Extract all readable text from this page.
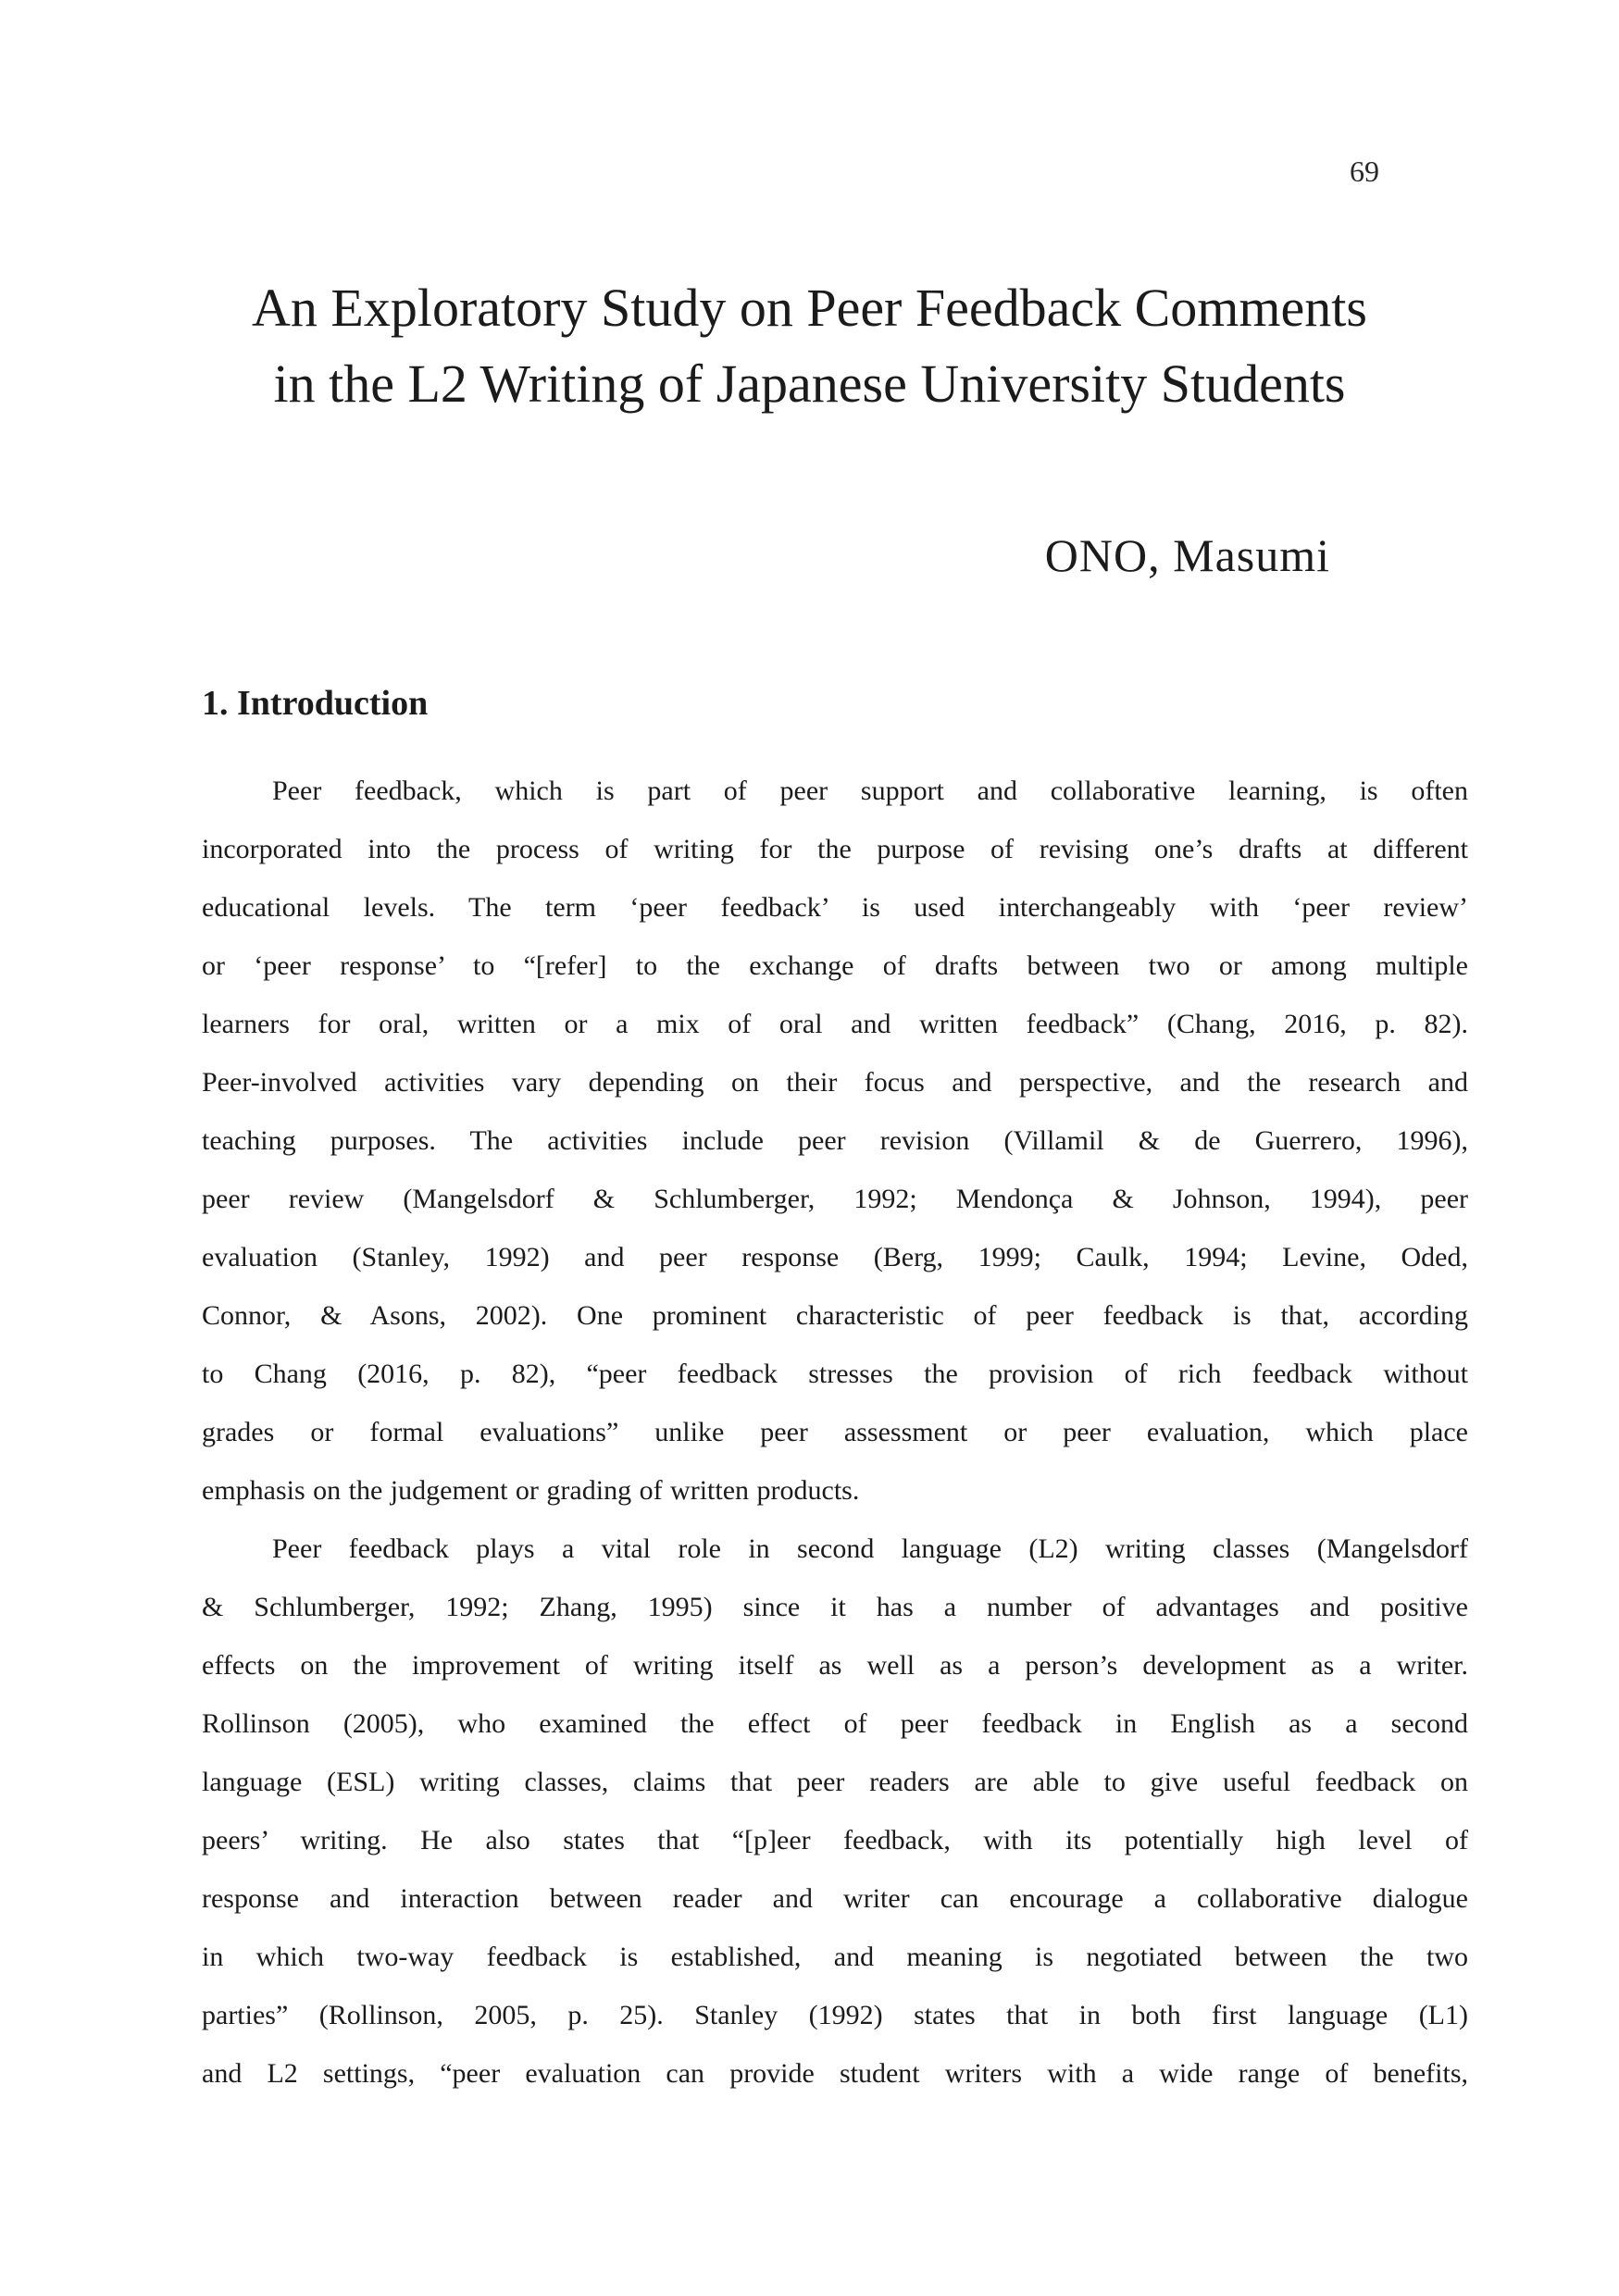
69
An Exploratory Study on Peer Feedback Comments
in the L2 Writing of Japanese University Students
ONO, Masumi
1. Introduction
Peer feedback, which is part of peer support and collaborative learning, is often
incorporated into the process of writing for the purpose of revising one’s drafts at different
educational levels. The term ‘peer feedback’ is used interchangeably with ‘peer review’
or ‘peer response’ to “[refer] to the exchange of drafts between two or among multiple
learners for oral, written or a mix of oral and written feedback” (Chang, 2016, p. 82).
Peer-involved activities vary depending on their focus and perspective, and the research and
teaching purposes. The activities include peer revision (Villamil & de Guerrero, 1996),
peer review (Mangelsdorf & Schlumberger, 1992; Mendonça & Johnson, 1994), peer
evaluation (Stanley, 1992) and peer response (Berg, 1999; Caulk, 1994; Levine, Oded,
Connor, & Asons, 2002). One prominent characteristic of peer feedback is that, according
to Chang (2016, p. 82), “peer feedback stresses the provision of rich feedback without
grades or formal evaluations” unlike peer assessment or peer evaluation, which place
emphasis on the judgement or grading of written products.
Peer feedback plays a vital role in second language (L2) writing classes (Mangelsdorf
& Schlumberger, 1992; Zhang, 1995) since it has a number of advantages and positive
effects on the improvement of writing itself as well as a person’s development as a writer.
Rollinson (2005), who examined the effect of peer feedback in English as a second
language (ESL) writing classes, claims that peer readers are able to give useful feedback on
peers’ writing. He also states that “[p]eer feedback, with its potentially high level of
response and interaction between reader and writer can encourage a collaborative dialogue
in which two-way feedback is established, and meaning is negotiated between the two
parties” (Rollinson, 2005, p. 25). Stanley (1992) states that in both first language (L1)
and L2 settings, “peer evaluation can provide student writers with a wide range of benefits,
